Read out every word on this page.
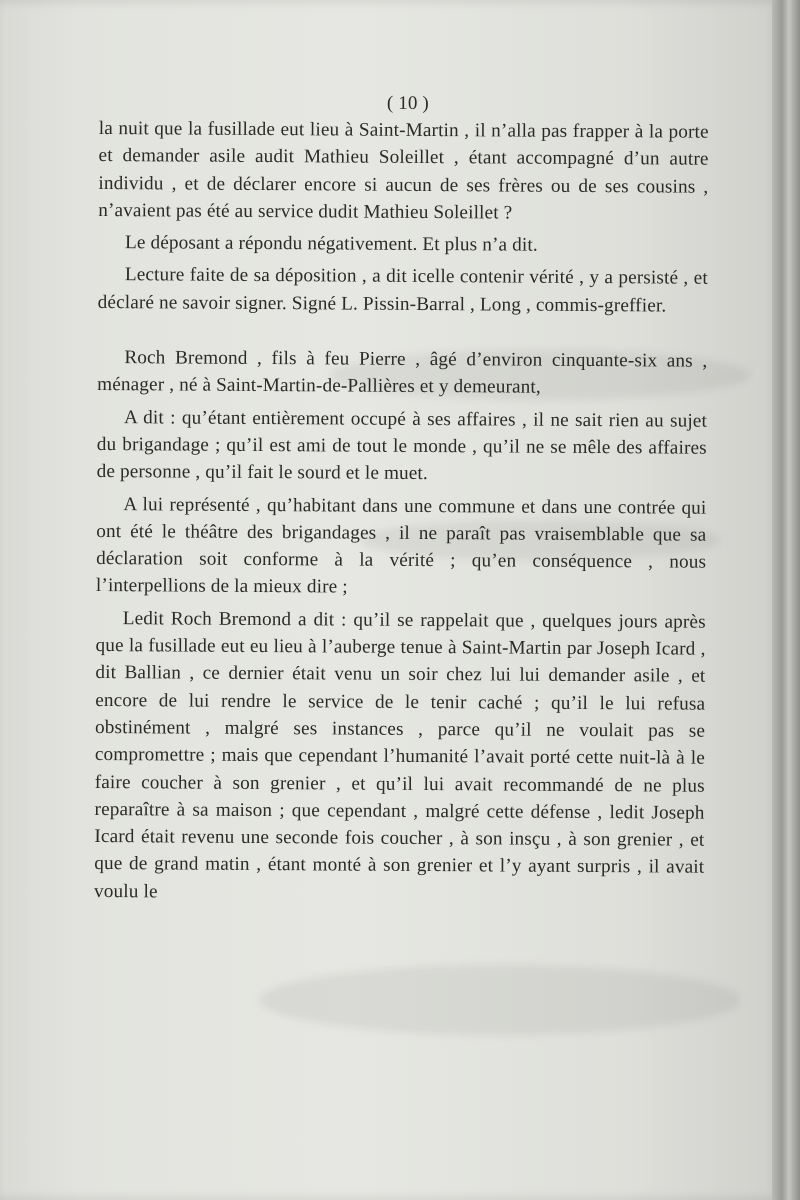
( 10 )

la nuit que la fusillade eut lieu à Saint-Martin , il n’alla pas frapper à la porte et demander asile audit Mathieu Soleillet , étant accompagné d’un autre individu , et de déclarer encore si aucun de ses frères ou de ses cousins , n’avaient pas été au service dudit Mathieu Soleillet ?

Le déposant a répondu négativement. Et plus n’a dit.

Lecture faite de sa déposition , a dit icelle contenir vérité , y a persisté , et déclaré ne savoir signer. Signé L. Pissin-Barral , Long , commis-greffier.

Roch Bremond , fils à feu Pierre , âgé d’environ cinquante-six ans , ménager , né à Saint-Martin-de-Pallières et y demeurant,

A dit : qu’étant entièrement occupé à ses affaires , il ne sait rien au sujet du brigandage ; qu’il est ami de tout le monde , qu’il ne se mêle des affaires de personne , qu’il fait le sourd et le muet.

A lui représenté , qu’habitant dans une commune et dans une contrée qui ont été le théâtre des brigandages , il ne paraît pas vraisemblable que sa déclaration soit conforme à la vérité ; qu’en conséquence , nous l’interpellions de la mieux dire ;

Ledit Roch Bremond a dit : qu’il se rappelait que , quelques jours après que la fusillade eut eu lieu à l’auberge tenue à Saint-Martin par Joseph Icard , dit Ballian , ce dernier était venu un soir chez lui lui demander asile , et encore de lui rendre le service de le tenir caché ; qu’il le lui refusa obstinément , malgré ses instances , parce qu’il ne voulait pas se compromettre ; mais que cependant l’humanité l’avait porté cette nuit-là à le faire coucher à son grenier , et qu’il lui avait recommandé de ne plus reparaître à sa maison ; que cependant , malgré cette défense , ledit Joseph Icard était revenu une seconde fois coucher , à son insçu , à son grenier , et que de grand matin , étant monté à son grenier et l’y ayant surpris , il avait voulu le
